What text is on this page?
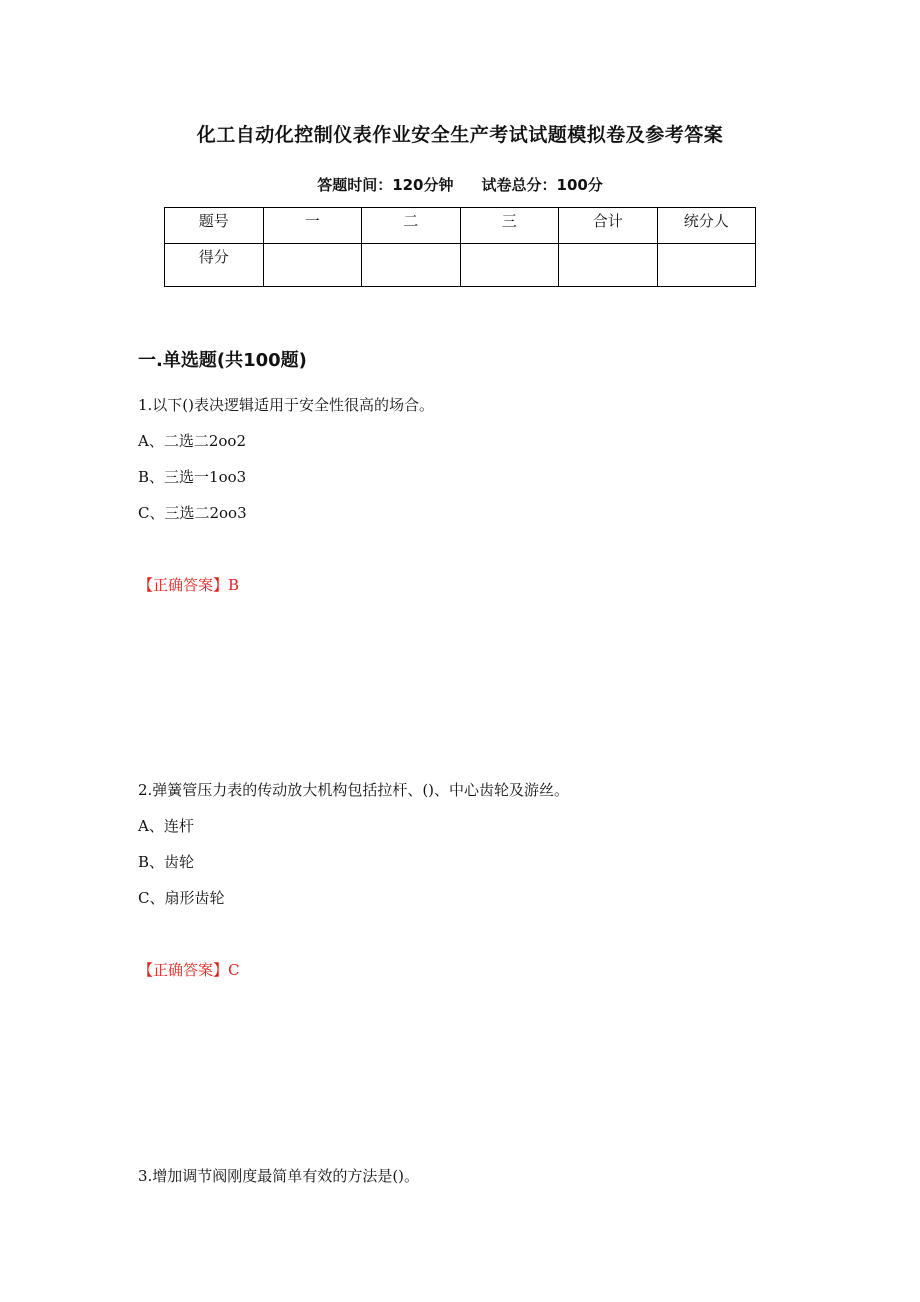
化工自动化控制仪表作业安全生产考试试题模拟卷及参考答案
答题时间：120分钟 试卷总分：100分
题号	一	二	三	合计	统分人
得分					
一.单选题(共100题)
1.以下()表决逻辑适用于安全性很高的场合。
A、二选二2oo2
B、三选一1oo3
C、三选二2oo3
【正确答案】B
2.弹簧管压力表的传动放大机构包括拉杆、()、中心齿轮及游丝。
A、连杆
B、齿轮
C、扇形齿轮
【正确答案】C
3.增加调节阀刚度最简单有效的方法是()。
